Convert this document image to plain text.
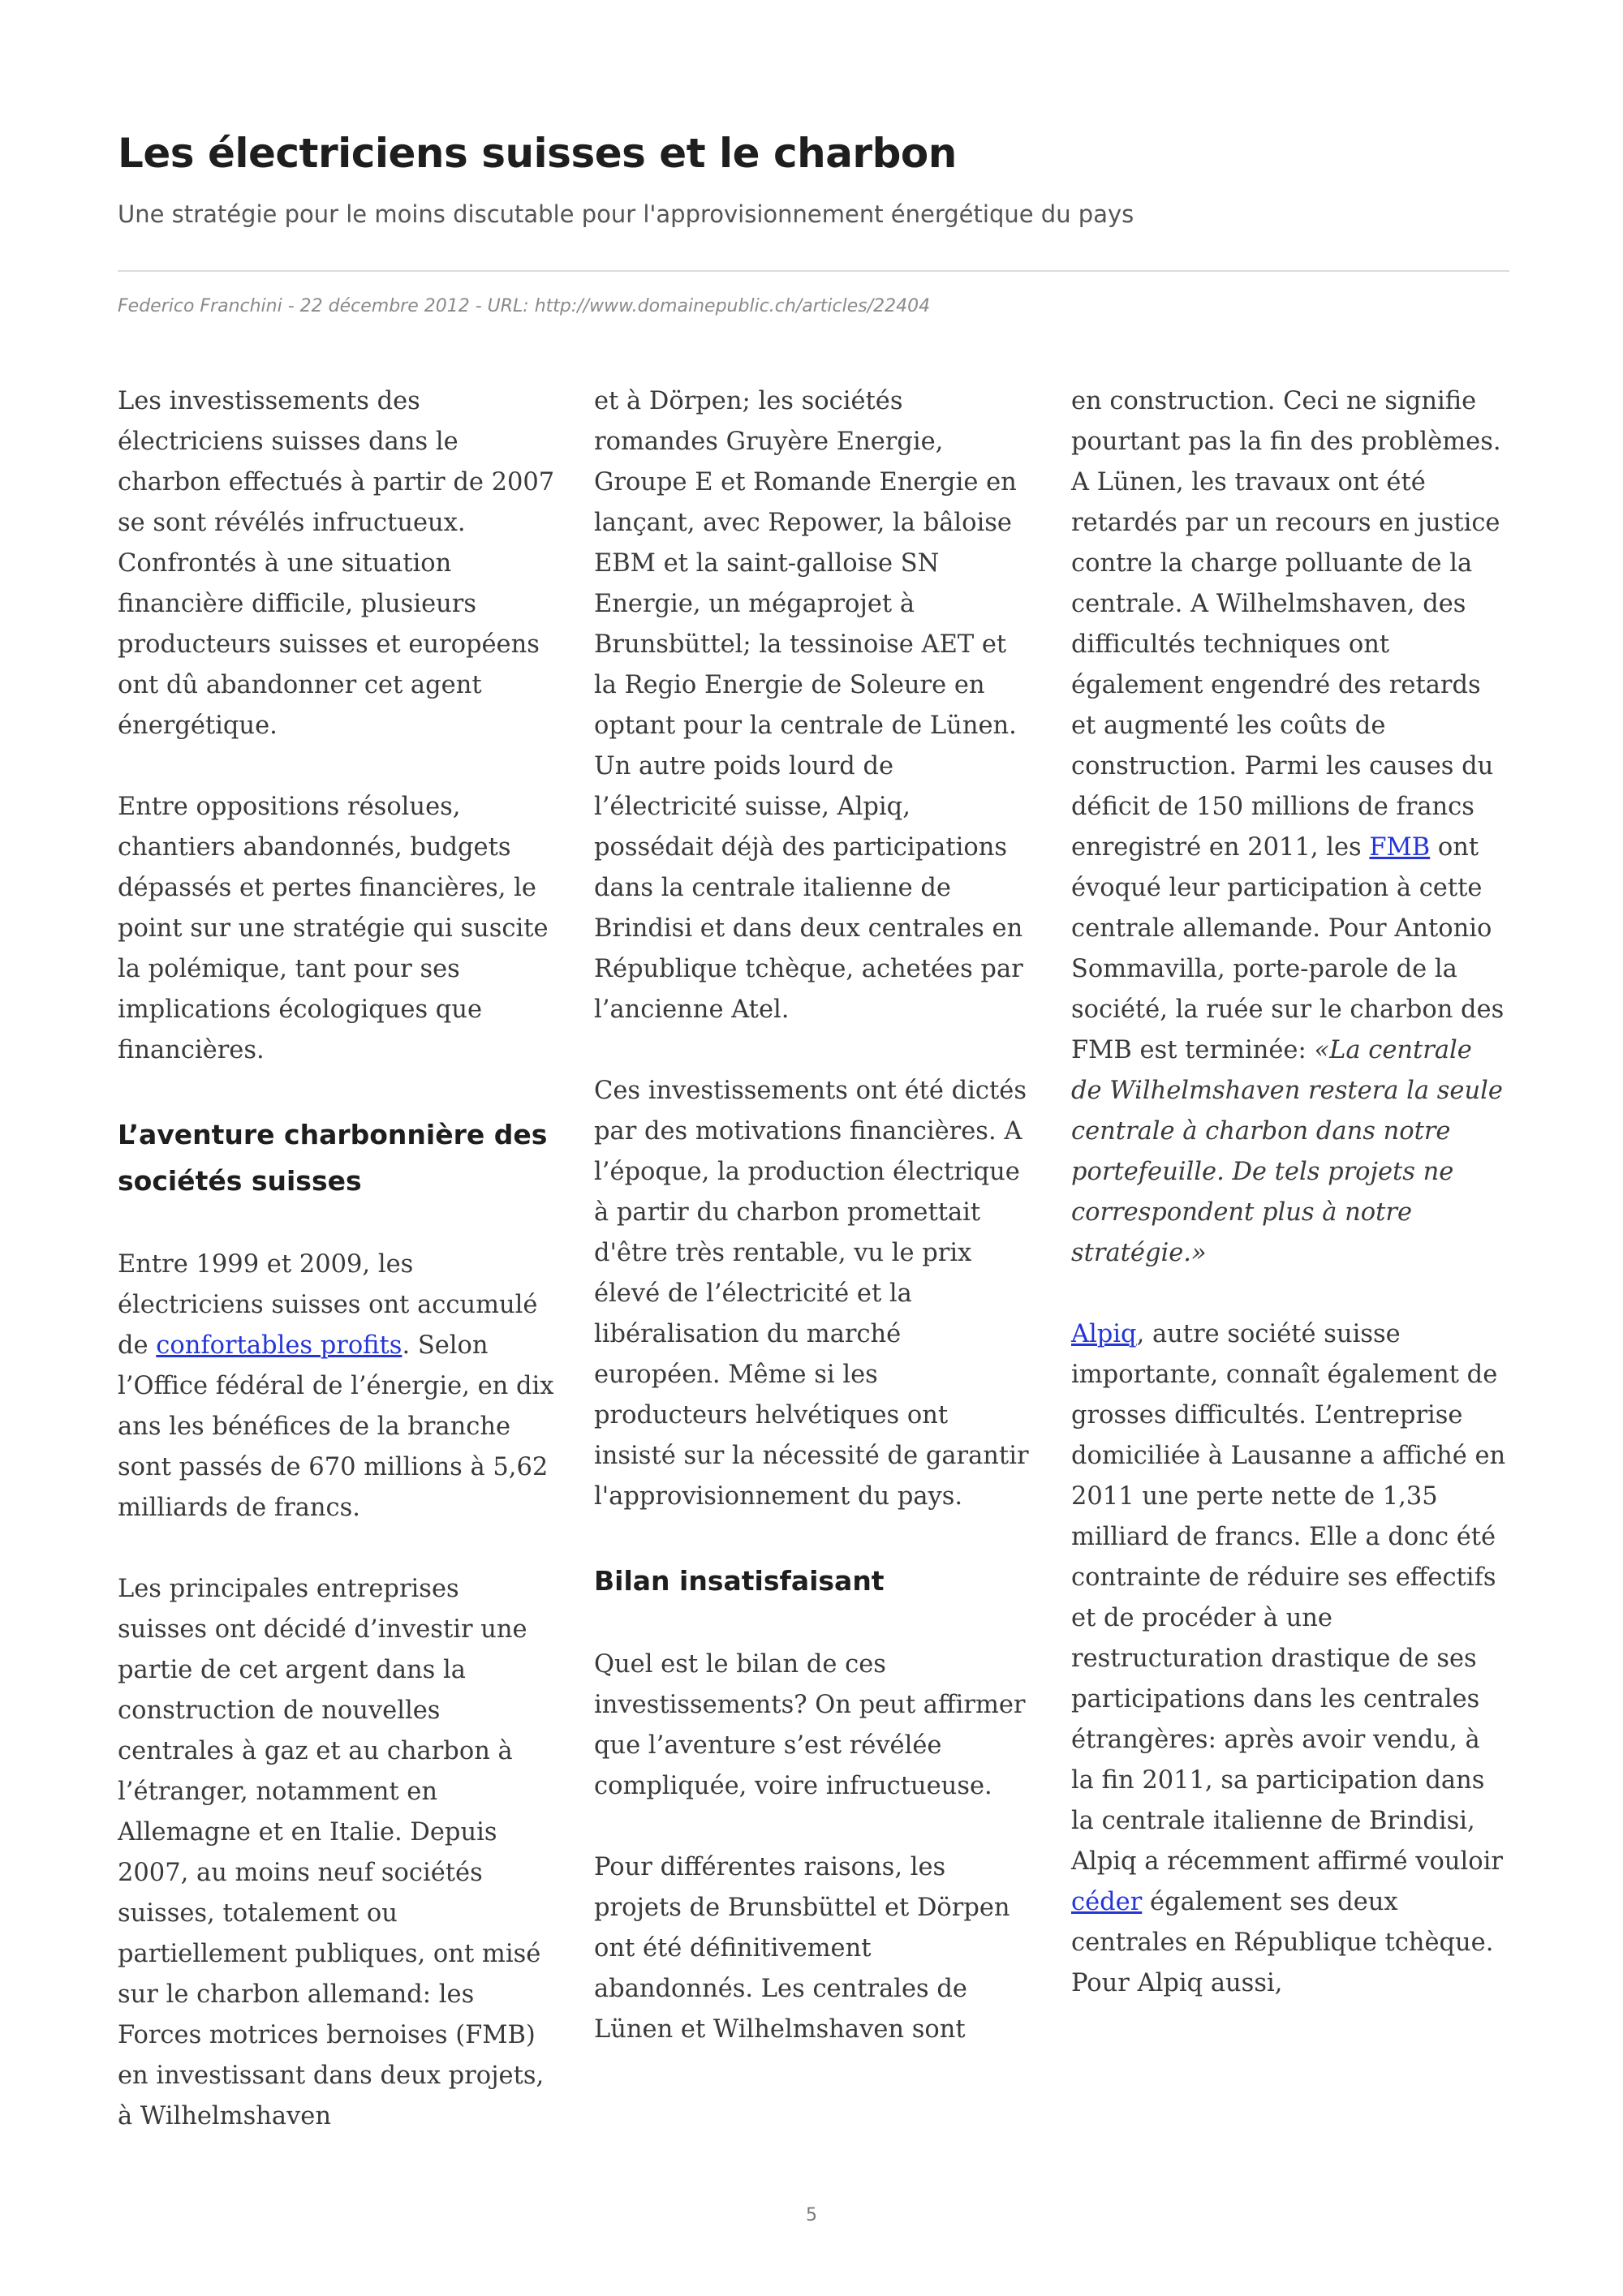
Les électriciens suisses et le charbon
Une stratégie pour le moins discutable pour l'approvisionnement énergétique du pays
Federico Franchini - 22 décembre 2012 - URL: http://www.domainepublic.ch/articles/22404

Les investissements des électriciens suisses dans le charbon effectués à partir de 2007 se sont révélés infructueux. Confrontés à une situation financière difficile, plusieurs producteurs suisses et européens ont dû abandonner cet agent énergétique.

Entre oppositions résolues, chantiers abandonnés, budgets dépassés et pertes financières, le point sur une stratégie qui suscite la polémique, tant pour ses implications écologiques que financières.

L’aventure charbonnière des sociétés suisses

Entre 1999 et 2009, les électriciens suisses ont accumulé de confortables profits. Selon l’Office fédéral de l’énergie, en dix ans les bénéfices de la branche sont passés de 670 millions à 5,62 milliards de francs.

Les principales entreprises suisses ont décidé d’investir une partie de cet argent dans la construction de nouvelles centrales à gaz et au charbon à l’étranger, notamment en Allemagne et en Italie. Depuis 2007, au moins neuf sociétés suisses, totalement ou partiellement publiques, ont misé sur le charbon allemand: les Forces motrices bernoises (FMB) en investissant dans deux projets, à Wilhelmshaven

et à Dörpen; les sociétés romandes Gruyère Energie, Groupe E et Romande Energie en lançant, avec Repower, la bâloise EBM et la saint-galloise SN Energie, un mégaprojet à Brunsbüttel; la tessinoise AET et la Regio Energie de Soleure en optant pour la centrale de Lünen. Un autre poids lourd de l’électricité suisse, Alpiq, possédait déjà des participations dans la centrale italienne de Brindisi et dans deux centrales en République tchèque, achetées par l’ancienne Atel.

Ces investissements ont été dictés par des motivations financières. A l’époque, la production électrique à partir du charbon promettait d'être très rentable, vu le prix élevé de l’électricité et la libéralisation du marché européen. Même si les producteurs helvétiques ont insisté sur la nécessité de garantir l'approvisionnement du pays.

Bilan insatisfaisant

Quel est le bilan de ces investissements? On peut affirmer que l’aventure s’est révélée compliquée, voire infructueuse.

Pour différentes raisons, les projets de Brunsbüttel et Dörpen ont été définitivement abandonnés. Les centrales de Lünen et Wilhelmshaven sont

en construction. Ceci ne signifie pourtant pas la fin des problèmes. A Lünen, les travaux ont été retardés par un recours en justice contre la charge polluante de la centrale. A Wilhelmshaven, des difficultés techniques ont également engendré des retards et augmenté les coûts de construction. Parmi les causes du déficit de 150 millions de francs enregistré en 2011, les FMB ont évoqué leur participation à cette centrale allemande. Pour Antonio Sommavilla, porte-parole de la société, la ruée sur le charbon des FMB est terminée: «La centrale de Wilhelmshaven restera la seule centrale à charbon dans notre portefeuille. De tels projets ne correspondent plus à notre stratégie.»

Alpiq, autre société suisse importante, connaît également de grosses difficultés. L’entreprise domiciliée à Lausanne a affiché en 2011 une perte nette de 1,35 milliard de francs. Elle a donc été contrainte de réduire ses effectifs et de procéder à une restructuration drastique de ses participations dans les centrales étrangères: après avoir vendu, à la fin 2011, sa participation dans la centrale italienne de Brindisi, Alpiq a récemment affirmé vouloir céder également ses deux centrales en République tchèque. Pour Alpiq aussi,

5
